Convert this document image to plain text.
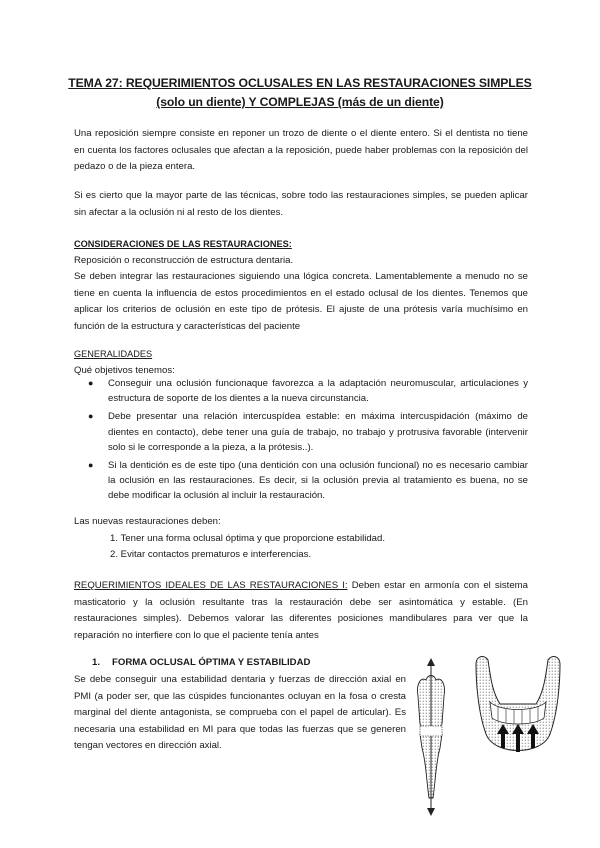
TEMA 27: REQUERIMIENTOS OCLUSALES EN LAS RESTAURACIONES SIMPLES
(solo un diente) Y COMPLEJAS (más de un diente)
Una reposición siempre consiste en reponer un trozo de diente o el diente entero. Si el dentista no tiene en cuenta los factores oclusales que afectan a la reposición, puede haber problemas con la reposición del pedazo o de la pieza entera.
Si es cierto que la mayor parte de las técnicas, sobre todo las restauraciones simples, se pueden aplicar sin afectar a la oclusión ni al resto de los dientes.
CONSIDERACIONES DE LAS RESTAURACIONES:
Reposición o reconstrucción de estructura dentaria.
Se deben integrar las restauraciones siguiendo una lógica concreta. Lamentablemente a menudo no se tiene en cuenta la influencia de estos procedimientos en el estado oclusal de los dientes. Tenemos que aplicar los criterios de oclusión en este tipo de prótesis. El ajuste de una prótesis varía muchísimo en función de la estructura y características del paciente
GENERALIDADES
Qué objetivos tenemos:
● Conseguir una oclusión funcionaque favorezca a la adaptación neuromuscular, articulaciones y estructura de soporte de los dientes a la nueva circunstancia.
● Debe presentar una relación intercuspídea estable: en máxima intercuspidación (máximo de dientes en contacto), debe tener una guía de trabajo, no trabajo y protrusiva favorable (intervenir solo si le corresponde a la pieza, a la prótesis..).
● Si la dentición es de este tipo (una dentición con una oclusión funcional) no es necesario cambiar la oclusión en las restauraciones. Es decir, si la oclusión previa al tratamiento es buena, no se debe modificar la oclusión al incluir la restauración.
Las nuevas restauraciones deben:
1. Tener una forma oclusal óptima y que proporcione estabilidad.
2. Evitar contactos prematuros e interferencias.
REQUERIMIENTOS IDEALES DE LAS RESTAURACIONES I: Deben estar en armonía con el sistema masticatorio y la oclusión resultante tras la restauración debe ser asintomática y estable. (En restauraciones simples). Debemos valorar las diferentes posiciones mandibulares para ver que la reparación no interfiere con lo que el paciente tenía antes
1. FORMA OCLUSAL ÓPTIMA Y ESTABILIDAD
Se debe conseguir una estabilidad dentaria y fuerzas de dirección axial en PMI (a poder ser, que las cúspides funcionantes ocluyan en la fosa o cresta marginal del diente antagonista, se comprueba con el papel de articular). Es necesaria una estabilidad en MI para que todas las fuerzas que se generen tengan vectores en dirección axial.
